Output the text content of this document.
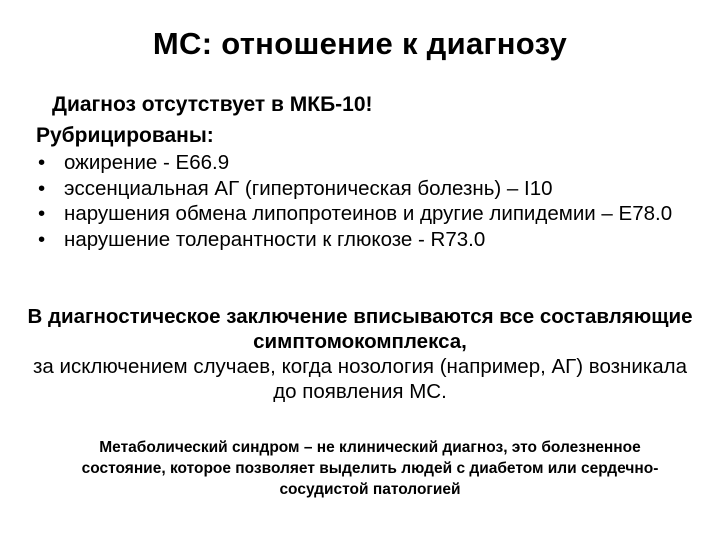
МС: отношение к диагнозу
Диагноз отсутствует в МКБ-10!
Рубрицированы:
• ожирение - Е66.9
• эссенциальная АГ (гипертоническая болезнь) – I10
• нарушения обмена липопротеинов и другие липидемии – Е78.0
• нарушение толерантности к глюкозе - R73.0
В диагностическое заключение вписываются все составляющие симптомокомплекса,
за исключением случаев, когда нозология (например, АГ) возникала до появления МС.
Метаболический синдром – не клинический диагноз, это болезненное состояние, которое позволяет выделить людей с диабетом или сердечно-сосудистой патологией
